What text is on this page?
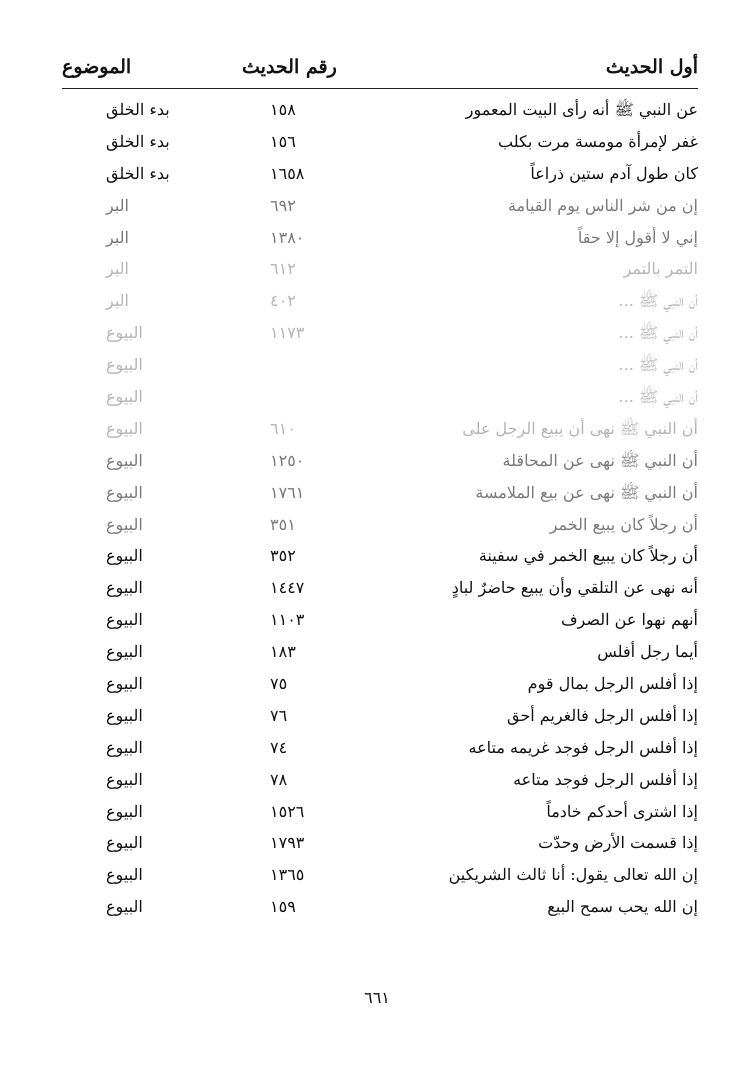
أول الحديث
رقم الحديث
الموضوع
عن النبي ﷺ أنه رأى البيت المعمور
١٥٨
بدء الخلق
غفر لإمرأة مومسة مرت بكلب
١٥٦
بدء الخلق
كان طول آدم ستين ذراعاً
١٦٥٨
بدء الخلق
إن من شر الناس يوم القيامة
٦٩٢
البر
إني لا أقول إلا حقاً
١٣٨٠
البر
التمر بالتمر
٦١٢
البر
أن النبي ﷺ ...
٤٠٢
البر
أن النبي ﷺ ...
١١٧٣
البيوع
أن النبي ﷺ ...
البيوع
أن النبي ﷺ ...
البيوع
أن النبي ﷺ نهى أن يبيع الرجل على
٦١٠
البيوع
أن النبي ﷺ نهى عن المحاقلة
١٢٥٠
البيوع
أن النبي ﷺ نهى عن بيع الملامسة
١٧٦١
البيوع
أن رجلاً كان يبيع الخمر
٣٥١
البيوع
أن رجلاً كان يبيع الخمر في سفينة
٣٥٢
البيوع
أنه نهى عن التلقي وأن يبيع حاضرٌ لبادٍ
١٤٤٧
البيوع
أنهم نهوا عن الصرف
١١٠٣
البيوع
أيما رجل أفلس
١٨٣
البيوع
إذا أفلس الرجل بمال قوم
٧٥
البيوع
إذا أفلس الرجل فالغريم أحق
٧٦
البيوع
إذا أفلس الرجل فوجد غريمه متاعه
٧٤
البيوع
إذا أفلس الرجل فوجد متاعه
٧٨
البيوع
إذا اشترى أحدكم خادماً
١٥٢٦
البيوع
إذا قسمت الأرض وحدّت
١٧٩٣
البيوع
إن الله تعالى يقول: أنا ثالث الشريكين
١٣٦٥
البيوع
إن الله يحب سمح البيع
١٥٩
البيوع
٦٦١
